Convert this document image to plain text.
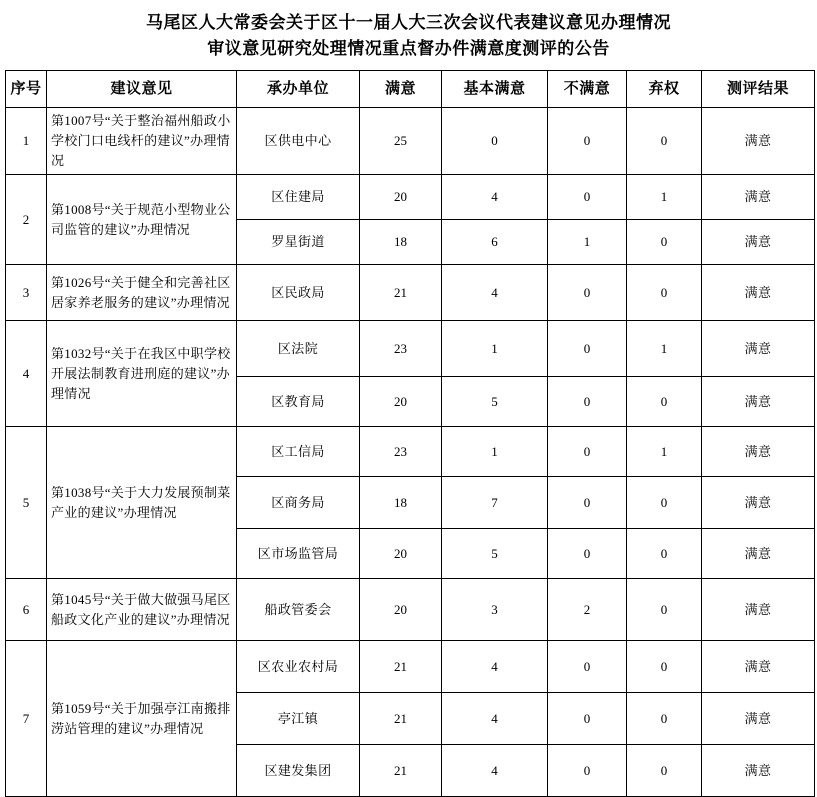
马尾区人大常委会关于区十一届人大三次会议代表建议意见办理情况
审议意见研究处理情况重点督办件满意度测评的公告
序号	建议意见	承办单位	满意	基本满意	不满意	弃权	测评结果
1	第1007号“关于整治福州船政小学校门口电线杆的建议”办理情况	区供电中心	25	0	0	0	满意
2	第1008号“关于规范小型物业公司监管的建议”办理情况	区住建局	20	4	0	1	满意
		罗星街道	18	6	1	0	满意
3	第1026号“关于健全和完善社区居家养老服务的建议”办理情况	区民政局	21	4	0	0	满意
4	第1032号“关于在我区中职学校开展法制教育进刑庭的建议”办理情况	区法院	23	1	0	1	满意
		区教育局	20	5	0	0	满意
5	第1038号“关于大力发展预制菜产业的建议”办理情况	区工信局	23	1	0	1	满意
		区商务局	18	7	0	0	满意
		区市场监管局	20	5	0	0	满意
6	第1045号“关于做大做强马尾区船政文化产业的建议”办理情况	船政管委会	20	3	2	0	满意
7	第1059号“关于加强亭江南搬排涝站管理的建议”办理情况	区农业农村局	21	4	0	0	满意
		亭江镇	21	4	0	0	满意
		区建发集团	21	4	0	0	满意
